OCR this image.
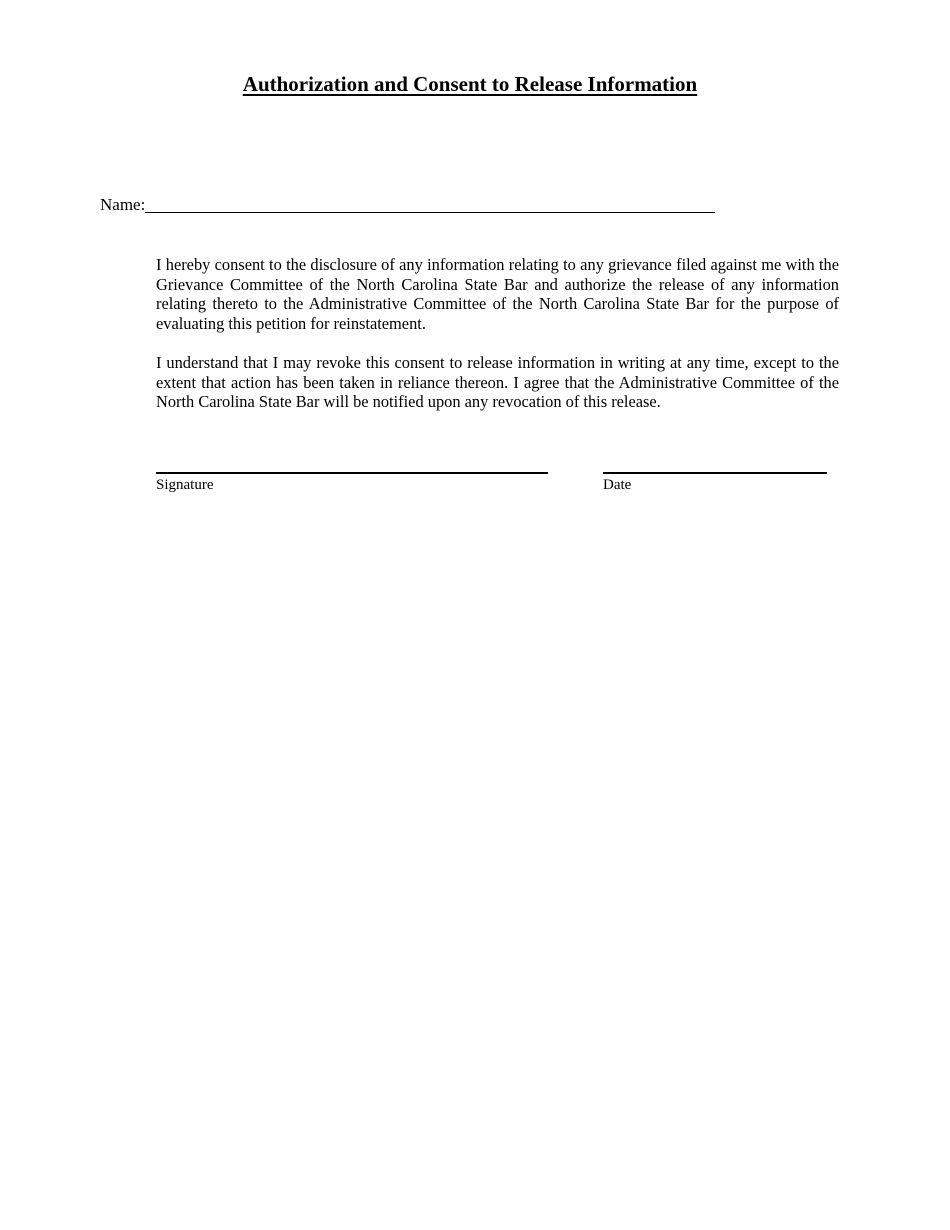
Authorization and Consent to Release Information
Name:

I hereby consent to the disclosure of any information relating to any grievance filed against me with the Grievance Committee of the North Carolina State Bar and authorize the release of any information relating thereto to the Administrative Committee of the North Carolina State Bar for the purpose of evaluating this petition for reinstatement.

I understand that I may revoke this consent to release information in writing at any time, except to the extent that action has been taken in reliance thereon. I agree that the Administrative Committee of the North Carolina State Bar will be notified upon any revocation of this release.

Signature	Date
